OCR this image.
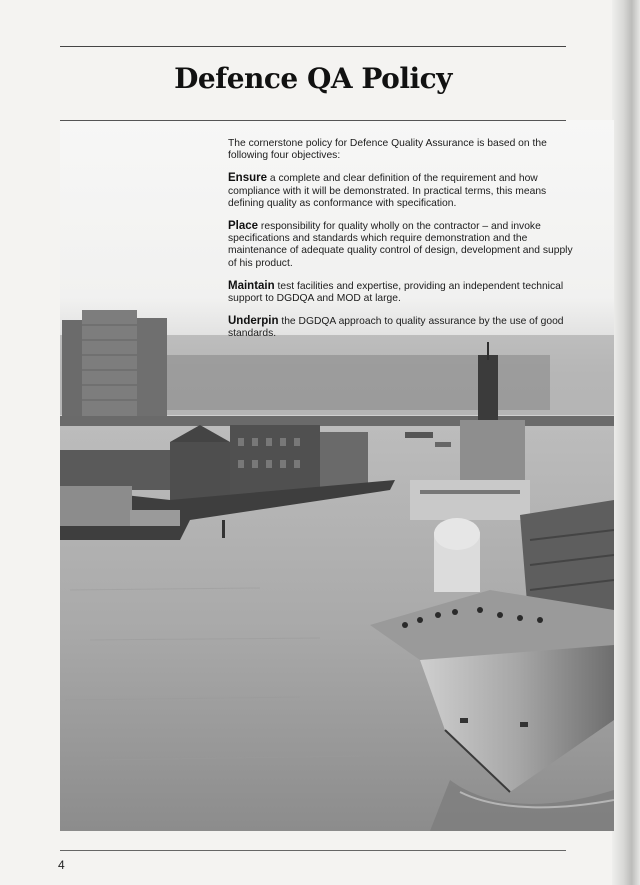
Defence QA Policy

The cornerstone policy for Defence Quality Assurance is based on the following four objectives:

Ensure a complete and clear definition of the requirement and how compliance with it will be demonstrated. In practical terms, this means defining quality as conformance with specification.

Place responsibility for quality wholly on the contractor – and invoke specifications and standards which require demonstration and the maintenance of adequate quality control of design, development and supply of his product.

Maintain test facilities and expertise, providing an independent technical support to DGDQA and MOD at large.

Underpin the DGDQA approach to quality assurance by the use of good standards.

4
